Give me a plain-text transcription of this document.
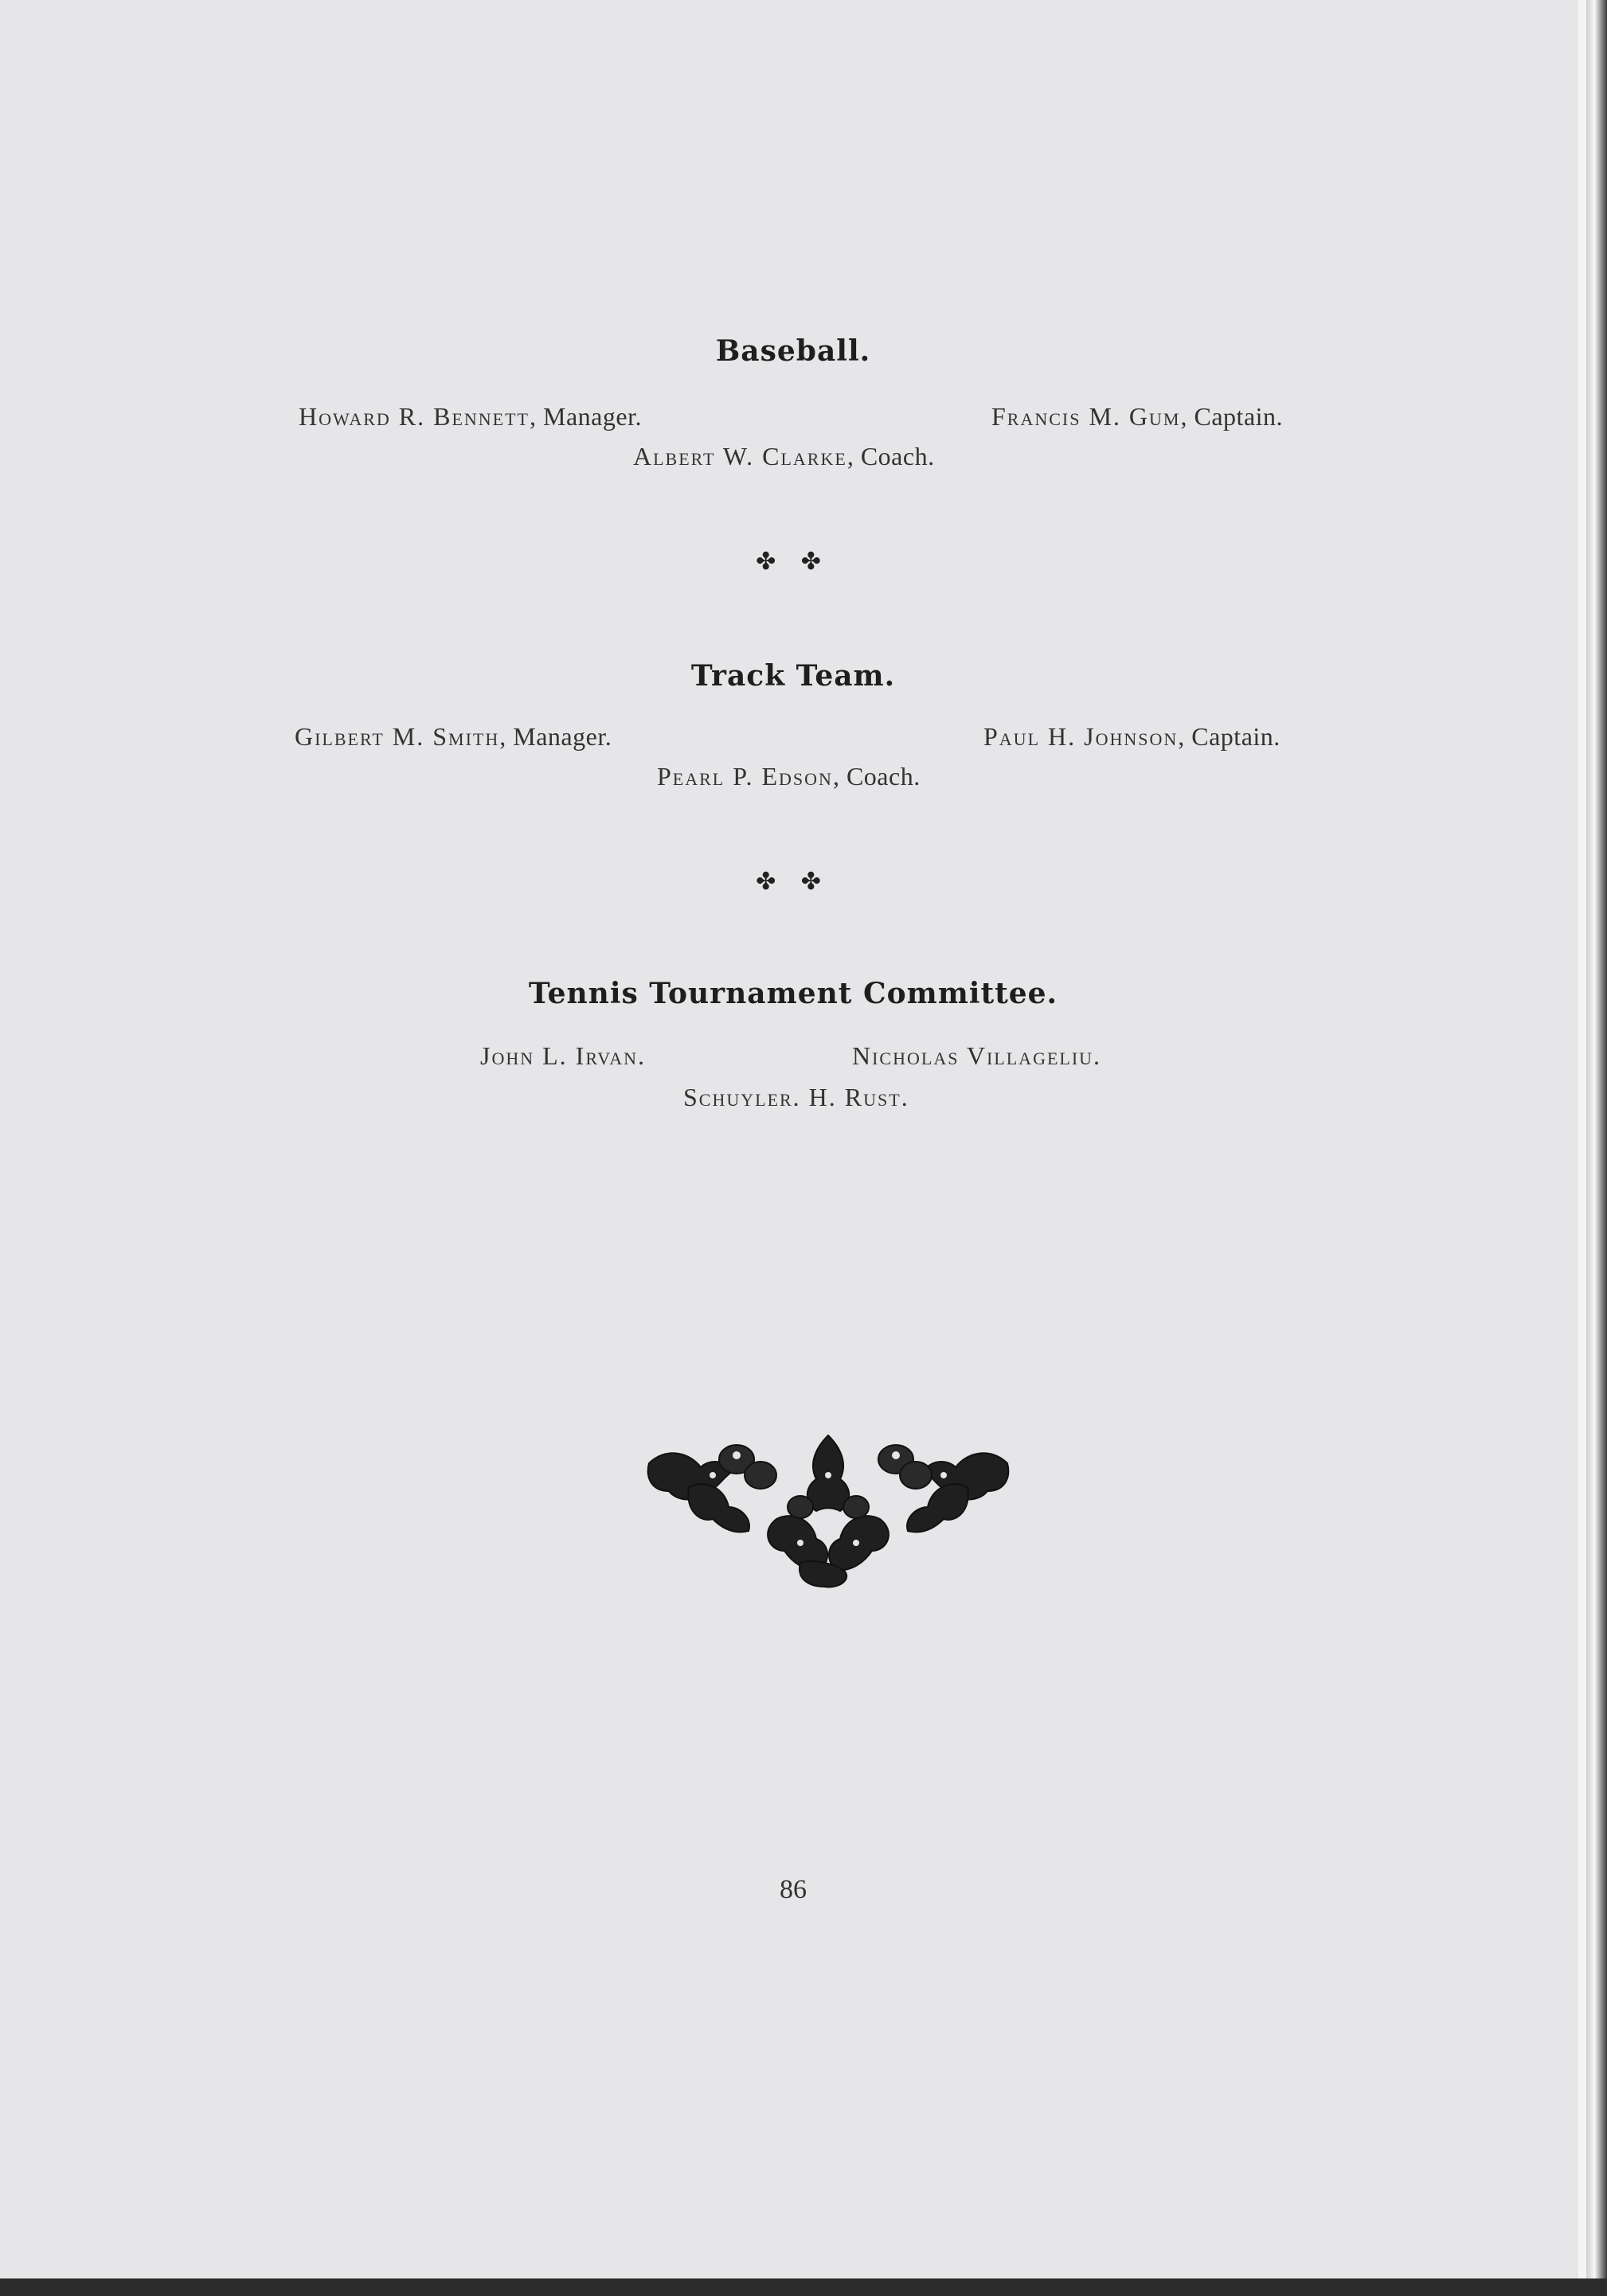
Baseball.
Howard R. Bennett, Manager.	Francis M. Gum, Captain.
Albert W. Clarke, Coach.
✤ ✤
Track Team.
Gilbert M. Smith, Manager.	Paul H. Johnson, Captain.
Pearl P. Edson, Coach.
✤ ✤
Tennis Tournament Committee.
John L. Irvan.	Nicholas Villageliu.
Schuyler. H. Rust.
86
